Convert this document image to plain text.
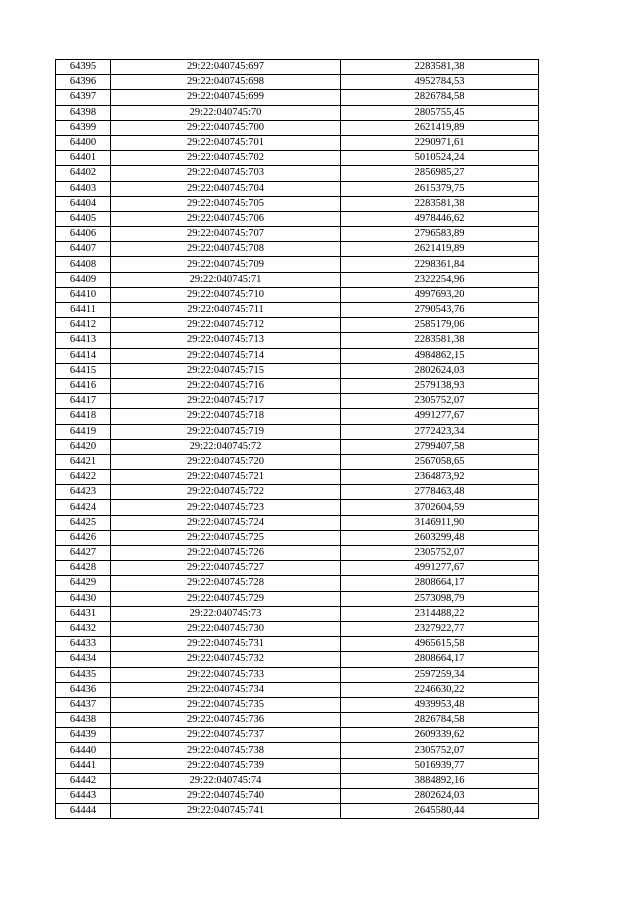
64395	29:22:040745:697	2283581,38
64396	29:22:040745:698	4952784,53
64397	29:22:040745:699	2826784,58
64398	29:22:040745:70	2805755,45
64399	29:22:040745:700	2621419,89
64400	29:22:040745:701	2290971,61
64401	29:22:040745:702	5010524,24
64402	29:22:040745:703	2856985,27
64403	29:22:040745:704	2615379,75
64404	29:22:040745:705	2283581,38
64405	29:22:040745:706	4978446,62
64406	29:22:040745:707	2796583,89
64407	29:22:040745:708	2621419,89
64408	29:22:040745:709	2298361,84
64409	29:22:040745:71	2322254,96
64410	29:22:040745:710	4997693,20
64411	29:22:040745:711	2790543,76
64412	29:22:040745:712	2585179,06
64413	29:22:040745:713	2283581,38
64414	29:22:040745:714	4984862,15
64415	29:22:040745:715	2802624,03
64416	29:22:040745:716	2579138,93
64417	29:22:040745:717	2305752,07
64418	29:22:040745:718	4991277,67
64419	29:22:040745:719	2772423,34
64420	29:22:040745:72	2799407,58
64421	29:22:040745:720	2567058,65
64422	29:22:040745:721	2364873,92
64423	29:22:040745:722	2778463,48
64424	29:22:040745:723	3702604,59
64425	29:22:040745:724	3146911,90
64426	29:22:040745:725	2603299,48
64427	29:22:040745:726	2305752,07
64428	29:22:040745:727	4991277,67
64429	29:22:040745:728	2808664,17
64430	29:22:040745:729	2573098,79
64431	29:22:040745:73	2314488,22
64432	29:22:040745:730	2327922,77
64433	29:22:040745:731	4965615,58
64434	29:22:040745:732	2808664,17
64435	29:22:040745:733	2597259,34
64436	29:22:040745:734	2246630,22
64437	29:22:040745:735	4939953,48
64438	29:22:040745:736	2826784,58
64439	29:22:040745:737	2609339,62
64440	29:22:040745:738	2305752,07
64441	29:22:040745:739	5016939,77
64442	29:22:040745:74	3884892,16
64443	29:22:040745:740	2802624,03
64444	29:22:040745:741	2645580,44
